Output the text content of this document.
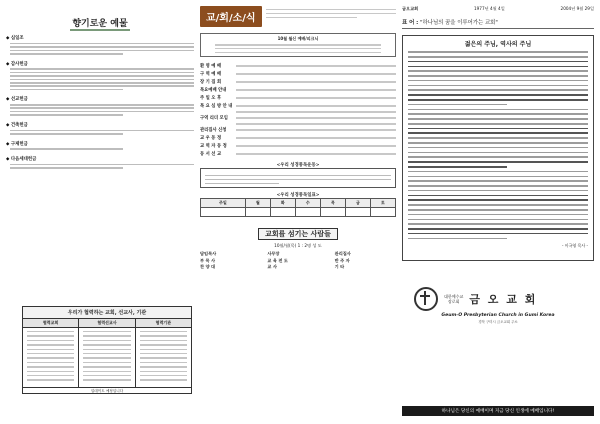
향기로운 예물
◆ 십일조
◆ 감사헌금
◆ 선교헌금
◆ 건축헌금
◆ 구제헌금
◆ 다음세대헌금
우리가 협력하는 교회, 선교사, 기관
협력교회	협력선교사	협력기관
업데이트 예정입니다
교/회/소/식
10월 월신 예배/피크닉
환 영 예 배
구 역 예 배
장 기 집 회
목요예배 안내
주 일 오 후
목 요 심 방 안 내
구역 리더 모임
관리집사 신청
교 우 동 정
교 역 자 동 정
동 서 선 교
<우리 성경통독운동>
<우리 성경통독일표>
주일	월	화	수	목	금	토

교회를 섬기는 사람들
10월/월(목) 1 : 2명 성 도
담임목사	사무장	관리집사
부 목 사	교 육 전 도	반 주 자
찬 양 대	교 사	기 타
금오교회	1977년 4월 4일	2004년 9월 29일
표 어 : "하나님의 꿈을 이루어가는 교회"
젊은의 주님, 역사의 주님
- 이국영 목사 -
대한예수교
장로회 금 오 교 회
Geum-O Presbyterian Church in Gumi Korea
경북 구미시 금오교회 주소
하나님은 당신의 예배이며 지금 당신 인생에 예배입니다!
